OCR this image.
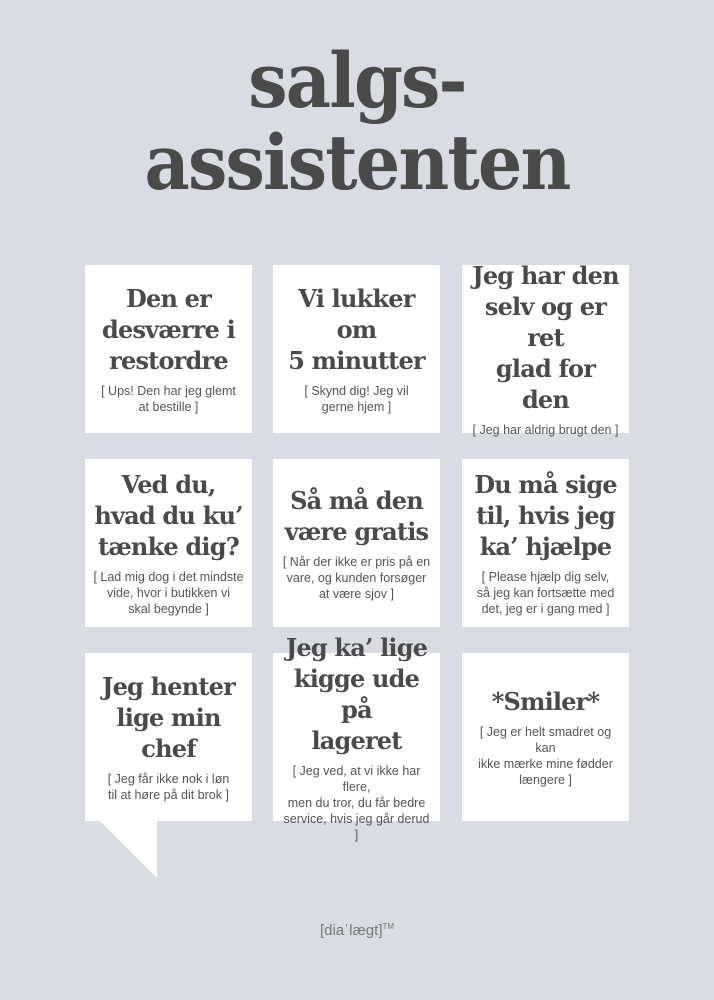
salgs-
assistenten
Den er
desværre i
restordre
[ Ups! Den har jeg glemt
at bestille ]
Vi lukker om
5 minutter
[ Skynd dig! Jeg vil
gerne hjem ]
Jeg har den
selv og er ret
glad for den
[ Jeg har aldrig brugt den ]
Ved du,
hvad du ku’
tænke dig?
[ Lad mig dog i det mindste
vide, hvor i butikken vi
skal begynde ]
Så må den
være gratis
[ Når der ikke er pris på en
vare, og kunden forsøger
at være sjov ]
Du må sige
til, hvis jeg
ka’ hjælpe
[ Please hjælp dig selv,
så jeg kan fortsætte med
det, jeg er i gang med ]
Jeg henter
lige min chef
[ Jeg får ikke nok i løn
til at høre på dit brok ]
Jeg ka’ lige
kigge ude på
lageret
[ Jeg ved, at vi ikke har flere,
men du tror, du får bedre
service, hvis jeg går derud ]
*Smiler*
[ Jeg er helt smadret og kan
ikke mærke mine fødder
længere ]
[diaˈlægt]™
